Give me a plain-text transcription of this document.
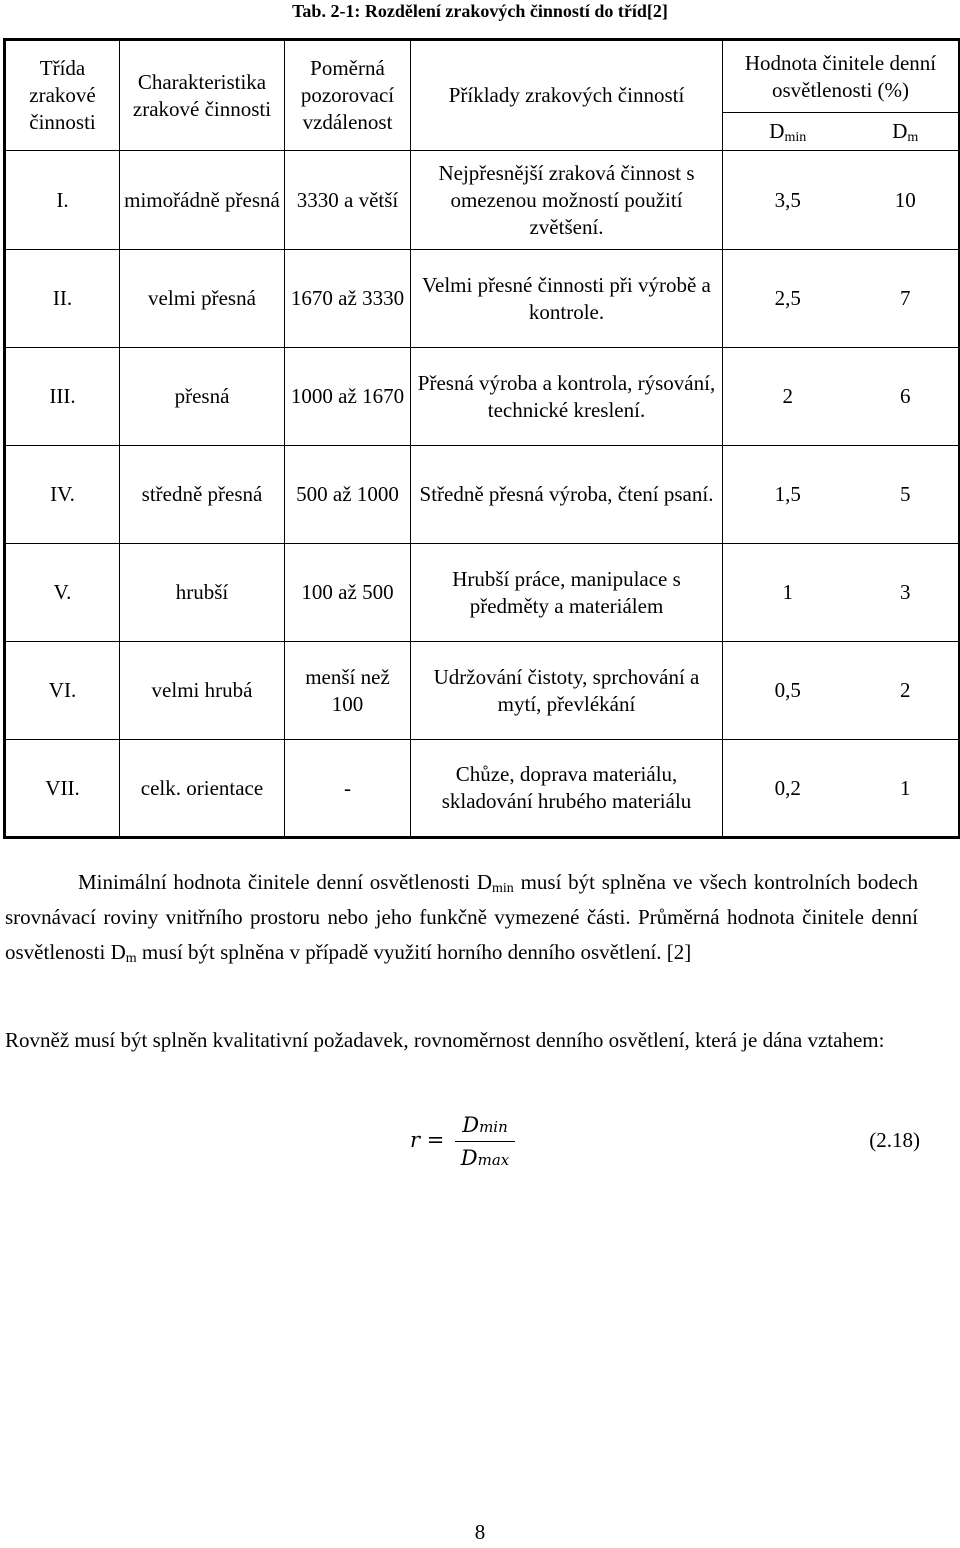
Tab. 2-1: Rozdělení zrakových činností do tříd[2]
Třída zrakové činnosti	Charakteristika zrakové činnosti	Poměrná pozorovací vzdálenost	Příklady zrakových činností	Hodnota činitele denní osvětlenosti (%)	
				$D_{min}$	$D_m$
I.	mimořádně přesná	3330 a větší	Nejpřesnější zraková činnost s omezenou možností použití zvětšení.	3,5	10
II.	velmi přesná	1670 až 3330	Velmi přesné činnosti při výrobě a kontrole.	2,5	7
III.	přesná	1000 až 1670	Přesná výroba a kontrola, rýsování, technické kreslení.	2	6
IV.	středně přesná	500 až 1000	Středně přesná výroba, čtení psaní.	1,5	5
V.	hrubší	100 až 500	Hrubší práce, manipulace s předměty a materiálem	1	3
VI.	velmi hrubá	menší než 100	Udržování čistoty, sprchování a mytí, převlékání	0,5	2
VII.	celk. orientace	-	Chůze, doprava materiálu, skladování hrubého materiálu	0,2	1
Minimální hodnota činitele denní osvětlenosti $D_{min}$ musí být splněna ve všech kontrolních bodech srovnávací roviny vnitřního prostoru nebo jeho funkčně vymezené části. Průměrná hodnota činitele denní osvětlenosti $D_m$ musí být splněna v případě využití horního denního osvětlení. [2]
Rovněž musí být splněn kvalitativní požadavek, rovnoměrnost denního osvětlení, která je dána vztahem:
r =
Dmin
Dmax
(2.18)
8
